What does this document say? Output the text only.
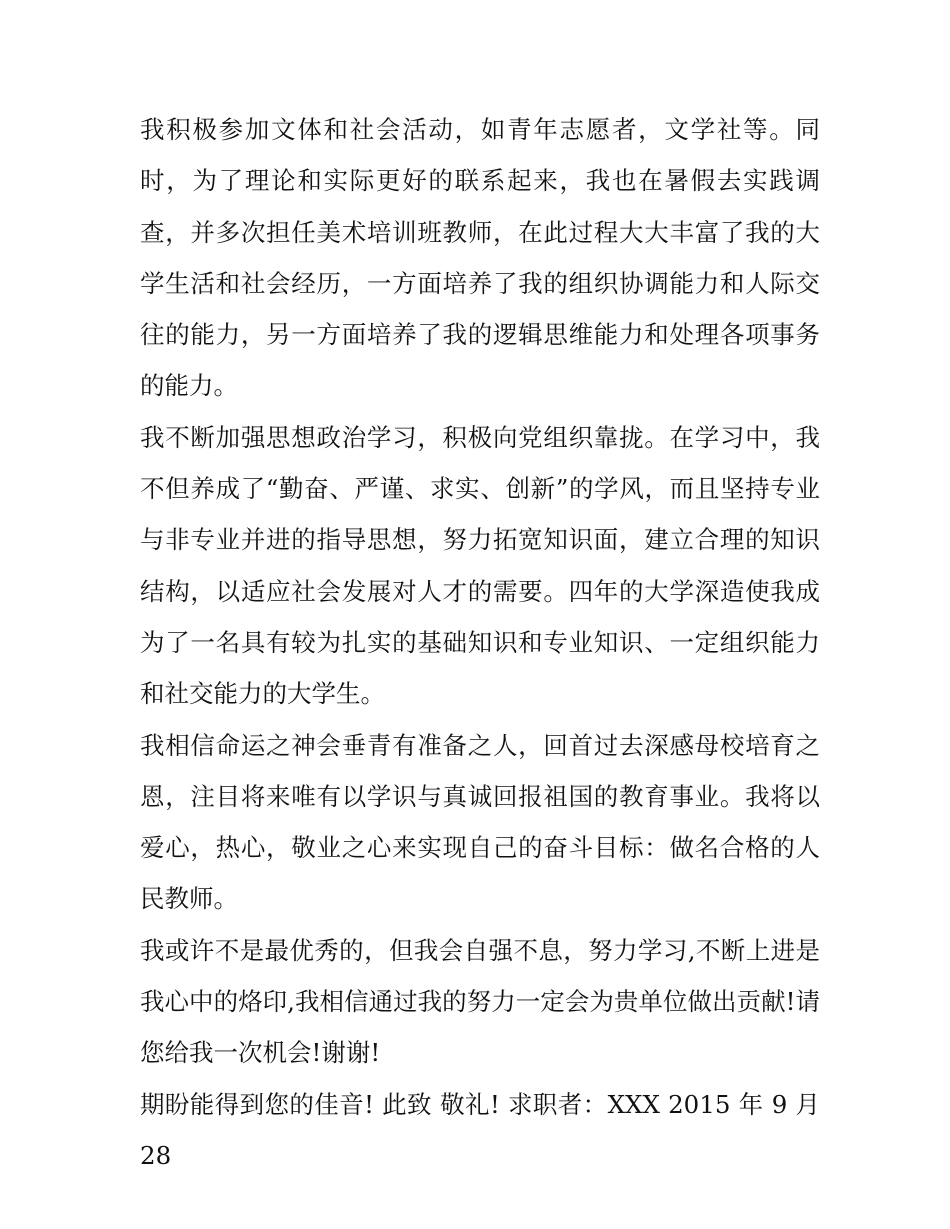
我积极参加文体和社会活动，如青年志愿者，文学社等。同时，为了理论和实际更好的联系起来，我也在暑假去实践调查，并多次担任美术培训班教师，在此过程大大丰富了我的大学生活和社会经历，一方面培养了我的组织协调能力和人际交往的能力，另一方面培养了我的逻辑思维能力和处理各项事务的能力。

我不断加强思想政治学习，积极向党组织靠拢。在学习中，我不但养成了“勤奋、严谨、求实、创新”的学风，而且坚持专业与非专业并进的指导思想，努力拓宽知识面，建立合理的知识结构，以适应社会发展对人才的需要。四年的大学深造使我成为了一名具有较为扎实的基础知识和专业知识、一定组织能力和社交能力的大学生。

我相信命运之神会垂青有准备之人，回首过去深感母校培育之恩，注目将来唯有以学识与真诚回报祖国的教育事业。我将以爱心，热心，敬业之心来实现自己的奋斗目标：做名合格的人民教师。

我或许不是最优秀的，但我会自强不息，努力学习,不断上进是我心中的烙印,我相信通过我的努力一定会为贵单位做出贡献!请您给我一次机会!谢谢!

期盼能得到您的佳音! 此致 敬礼! 求职者：XXX 2015 年 9 月 28
